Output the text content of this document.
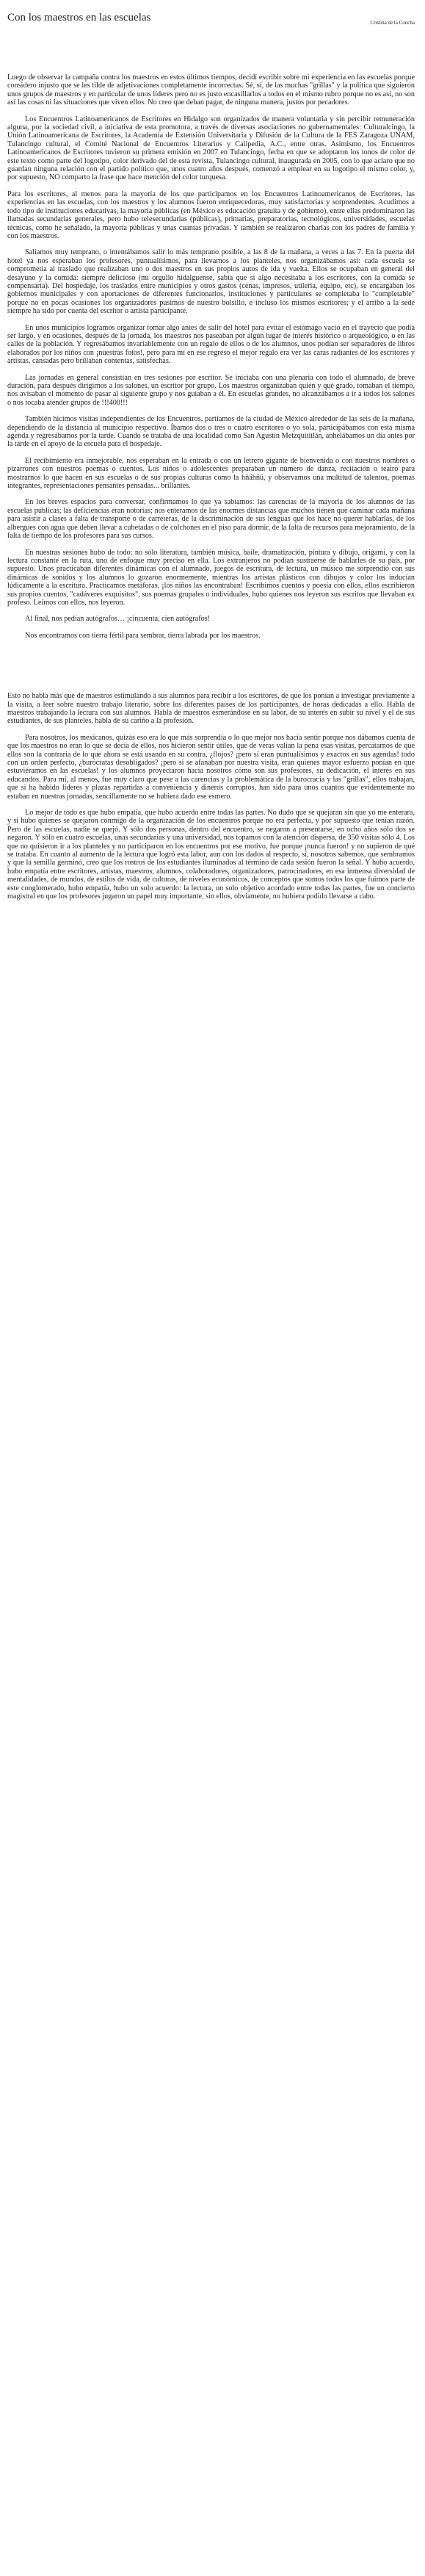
Con los maestros en las escuelas	Cristina de la Concha

Luego de observar la campaña contra los maestros en estos últimos tiempos, decidí escribir sobre mi experiencia en las escuelas porque considero injusto que se les tilde de adjetivaciones completamente incorrectas. Sé, sí, de las muchas "grillas" y la política que siguieron unos grupos de maestros y en particular de unos líderes pero no es justo encasillarlos a todos en el mismo rubro porque no es así, no son así las cosas ni las situaciones que viven ellos. No creo que deban pagar, de ninguna manera, justos por pecadores.

Los Encuentros Latinoamericanos de Escritores en Hidalgo son organizados de manera voluntaria y sin percibir remuneración alguna, por la sociedad civil, a iniciativa de esta promotora, a través de diversas asociaciones no gubernamentales: Culturalcingo, la Unión Latinoamericana de Escritores, la Academia de Extensión Universitaria y Difusión de la Cultura de la FES Zaragoza UNAM, Tulancingo cultural, el Comité Nacional de Encuentros Literarios y Calipedia, A.C., entre otras. Asimismo, los Encuentros Latinoamericanos de Escritores tuvieron su primera emisión en 2007 en Tulancingo, fecha en que se adoptaron los tonos de color de este texto como parte del logotipo, color derivado del de esta revista, Tulancingo cultural, inaugurada en 2005, con lo que aclaro que no guardan ninguna relación con el partido político que, unos cuatro años después, comenzó a emplear en su logotipo el mismo color, y, por supuesto, NO comparto la frase que hace mención del color turquesa.

Para los escritores, al menos para la mayoría de los que participamos en los Encuentros Latinoamericanos de Escritores, las experiencias en las escuelas, con los maestros y los alumnos fueron enriquecedoras, muy satisfactorias y sorprendentes. Acudimos a todo tipo de instituciones educativas, la mayoría públicas (en México es educación gratuita y de gobierno), entre ellas predominaron las llamadas secundarias generales, pero hubo telesecundarias (públicas), primarias, preparatorias, tecnológicos, universidades, escuelas técnicas, como he señalado, la mayoría públicas y unas cuantas privadas. Y también se realizaron charlas con los padres de familia y con los maestros.

Salíamos muy temprano, o intentábamos salir lo más temprano posible, a las 8 de la mañana, a veces a las 7. En la puerta del hotel ya nos esperaban los profesores, puntualísimos, para llevarnos a los planteles, nos organizábamos así: cada escuela se comprometía al traslado que realizaban uno o dos maestros en sus propios autos de ida y vuelta. Ellos se ocupaban en general del desayuno y la comida: siempre delicioso (mi orgullo hidalguense, sabía que si algo necesitaba a los escritores, con la comida se compensaría). Del hospedaje, los traslados entre municipios y otros gastos (cenas, impresos, utilería, equipo, etc), se encargaban los gobiernos municipales y con aportaciones de diferentes funcionarios, instituciones y particulares se completaba lo "completable" porque no en pocas ocasiones los organizadores pusimos de nuestro bolsillo, e incluso los mismos escritores; y el arribo a la sede siempre ha sido por cuenta del escritor o artista participante.

En unos municipios logramos organizar tomar algo antes de salir del hotel para evitar el estómago vacío en el trayecto que podía ser largo, y en ocasiones, después de la jornada, los maestros nos paseaban por algún lugar de interés histórico o arqueológico, o en las calles de la población. Y regresábamos invariablemente con un regalo de ellos o de los alumnos, unos podían ser separadores de libros elaborados por los niños con ¡nuestras fotos!, pero para mí en ese regreso el mejor regalo era ver las caras radiantes de los escritores y artistas, cansadas pero brillaban contentas, satisfechas.

Las jornadas en general consistían en tres sesiones por escritor. Se iniciaba con una plenaria con todo el alumnado, de breve duración, para después dirigirnos a los salones, un escritor por grupo. Los maestros organizaban quién y qué grado, tomaban el tiempo, nos avisaban el momento de pasar al siguiente grupo y nos guiaban a él. En escuelas grandes, no alcanzábamos a ir a todos los salones o nos tocaba atender grupos de !!!400!!!

También hicimos visitas independientes de los Encuentros, partíamos de la ciudad de México alrededor de las seis de la mañana, dependiendo de la distancia al municipio respectivo. Íbamos dos o tres o cuatro escritores o yo sola, participábamos con esta misma agenda y regresábamos por la tarde. Cuando se trataba de una localidad como San Agustín Metzquititlán, anhelábamos un día antes por la tarde en el apoyo de la escuela para el hospedaje.

El recibimiento era inmejorable, nos esperaban en la entrada o con un letrero gigante de bienvenida o con nuestros nombres o pizarrones con nuestros poemas o cuentos. Los niños o adolescentes preparaban un número de danza, recitación o teatro para mostrarnos lo que hacen en sus escuelas o de sus propias culturas como la hñähñü, y observamos una multitud de talentos, poemas íntegrantes, representaciones pensantes pensadas... brillantes.

En los breves espacios para conversar, confirmamos lo que ya sabíamos: las carencias de la mayoría de los alumnos de las escuelas públicas; las deficiencias eran notorias; nos enteramos de las enormes distancias que muchos tienen que caminar cada mañana para asistir a clases a falta de transporte o de carreteras, de la discriminación de sus lenguas que los hace no querer hablarlas, de los albergues con agua que deben llevar a cubetadas o de colchones en el piso para dormir, de la falta de recursos para mejoramiento, de la falta de tiempo de los profesores para sus cursos.

En nuestras sesiones hubo de todo: no sólo literatura, también música, baile, dramatización, pintura y dibujo, origami, y con la lectura constante en la ruta, uno de enfoque muy preciso en ella. Los extranjeros no podían sustraerse de hablarles de su país, por supuesto. Unos practicaban diferentes dinámicas con el alumnado, juegos de escritura, de lectura, un músico me sorprendió con sus dinámicas de sonidos y los alumnos lo gozaron enormemente, mientras los artistas plásticos con dibujos y color los inducían lúdicamente a la escritura. Practicamos metáforas, ¡los niños las encontraban! Escribimos cuentos y poesía con ellos, ellos escribieron sus propios cuentos, "cadáveres exquisitos", sus poemas grupales o individuales, hubo quienes nos leyeron sus escritos que llevaban ex profeso. Leímos con ellos, nos leyeron.

Al final, nos pedían autógrafos… ¡cincuenta, cien autógrafos!

Nos encontramos con tierra fértil para sembrar, tierra labrada por los maestros.

Esto no habla más que de maestros estimulando a sus alumnos para recibir a los escritores, de que los ponían a investigar previamente a la visita, a leer sobre nuestro trabajo literario, sobre los diferentes países de los participantes, de horas dedicadas a ello. Habla de maestros trabajando la lectura con sus alumnos. Habla de maestros esmerándose en su labor, de su interés en subir su nivel y el de sus estudiantes, de sus planteles, habla de su cariño a la profesión.

Para nosotros, los mexicanos, quizás eso era lo que más sorprendía o lo que mejor nos hacía sentir porque nos dábamos cuenta de que los maestros no eran lo que se decía de ellos, nos hicieron sentir útiles, que de veras valían la pena esas visitas, percatarnos de que ellos son la contraria de lo que ahora se está usando en su contra, ¿flojos? ¡pero si eran puntualísimos y exactos en sus agendas! todo con un orden perfecto, ¿burócratas desobligados? ¡pero si se afanaban por nuestra visita, eran quienes mayor esfuerzo ponían en que estuviéramos en las escuelas! y los alumnos proyectaron hacia nosotros cómo son sus profesores, su dedicación, el interés en sus educandos. Para mí, al menos, fue muy claro que pese a las carencias y la problemática de la burocracia y las "grillas", ellos trabajan, que si ha habido líderes y plazas repartidas a conveniencia y dineros corruptos, han sido para unos cuantos que evidentemente no estaban en nuestras jornadas, sencillamente no se hubiera dado ese esmero.

Lo mejor de todo es que hubo empatía, que hubo acuerdo entre todas las partes. No dudo que se quejaran sin que yo me enterara, y si hubo quienes se quejaron conmigo de la organización de los encuentros porque no era perfecta, y por supuesto que tenían razón. Pero de las escuelas, nadie se quejó. Y sólo dos personas, dentro del encuentro, se negaron a presentarse, en ocho años sólo dos se negaron. Y sólo en cuatro escuelas, unas secundarias y una universidad, nos topamos con la atención dispersa, de 350 visitas sólo 4. Los que no quisieron ir a los planteles y no participaron en los encuentros por ese motivo, fue porque ¡nunca fueron! y no supieron de qué se trataba. En cuanto al aumento de la lectura que logró esta labor, aun con los dados al respecto, sí, nosotros sabemos, que sembramos y que la semilla germinó, creo que los rostros de los estudiantes iluminados al término de cada sesión fueron la señal. Y hubo acuerdo, hubo empatía entre escritores, artistas, maestros, alumnos, colaboradores, organizadores, patrocinadores, en esa inmensa diversidad de mentalidades, de mundos, de estilos de vida, de culturas, de niveles económicos, de conceptos que somos todos los que fuimos parte de este conglomerado, hubo empatía, hubo un solo acuerdo: la lectura, un solo objetivo acordado entre todas las partes, fue un concierto magistral en que los profesores jugaron un papel muy importante, sin ellos, obviamente, no hubiera podido llevarse a cabo.
